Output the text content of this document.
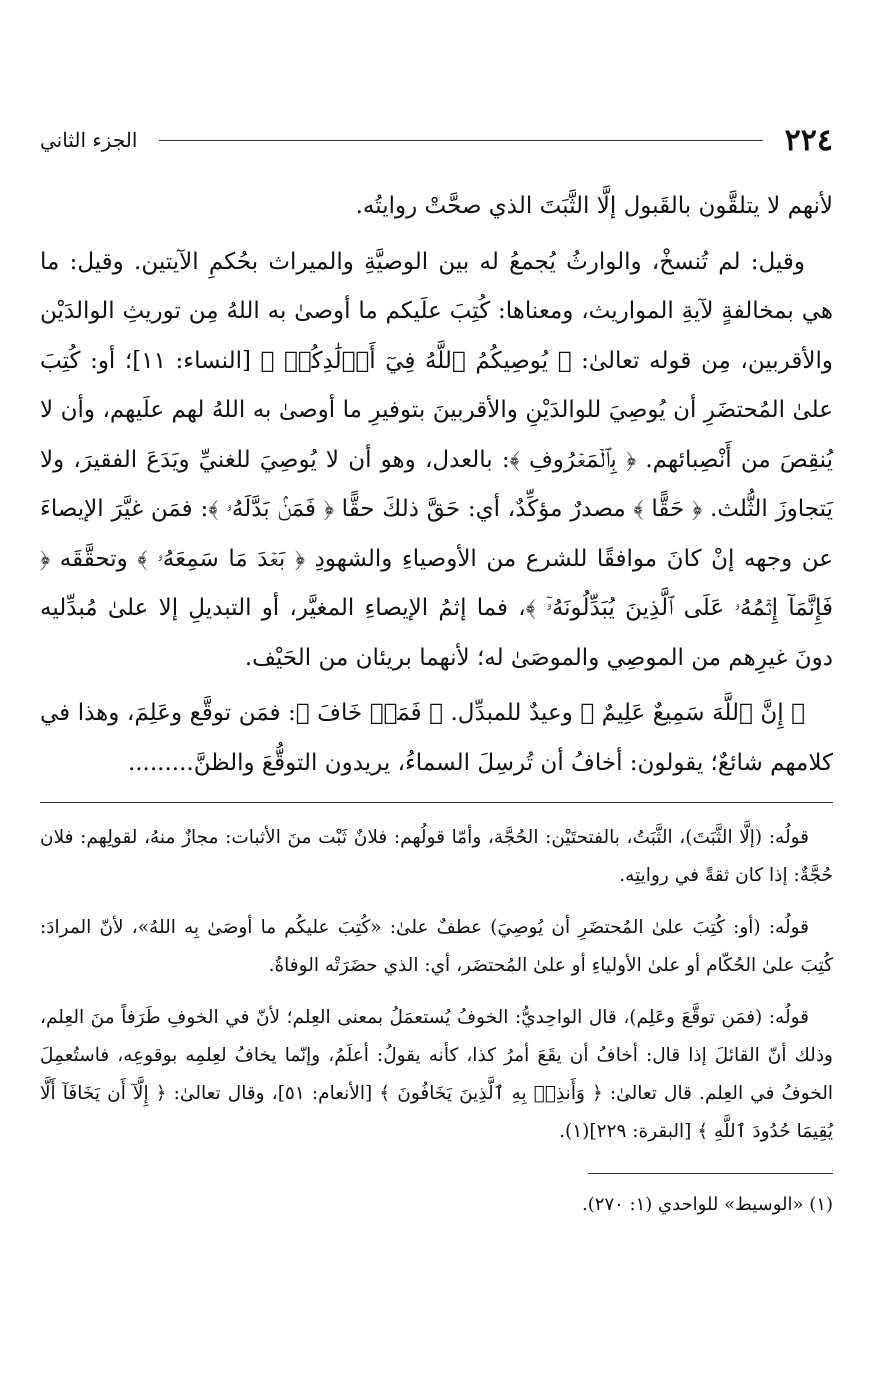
٢٢٤
الجزء الثاني

لأنهم لا يتلقَّون بالقَبول إلَّا الثَّبَتَ الذي صحَّتْ روايتُه.

وقيل: لم تُنسخْ، والوارثُ يُجمعُ له بين الوصيَّةِ والميراث بحُكمِ الآيتين. وقيل: ما هي بمخالفةٍ لآيةِ المواريث، ومعناها: كُتِبَ علَيكم ما أوصىٰ به اللهُ مِن توريثِ الوالدَيْن والأقربين، مِن قوله تعالىٰ: ﴿ يُوصِيكُمُ ٱللَّهُ فِيٓ أَوۡلَٰدِكُمۡ ﴾ [النساء: ١١]؛ أو: كُتِبَ علىٰ المُحتضَرِ أن يُوصِيَ للوالدَيْنِ والأقربينَ بتوفيرِ ما أوصىٰ به اللهُ لهم علَيهم، وأن لا يُنقِصَ من أَنْصِبائهم. ﴿ بِٱلۡمَعۡرُوفِ ﴾: بالعدل، وهو أن لا يُوصِيَ للغنيِّ ويَدَعَ الفقيرَ، ولا يَتجاوزَ الثُّلث. ﴿ حَقًّا ﴾ مصدرٌ مؤكِّدٌ، أي: حَقَّ ذلكَ حقًّا ﴿ فَمَنۢ بَدَّلَهُۥ ﴾: فمَن غيَّرَ الإيصاءَ عن وجهه إنْ كانَ موافقًا للشرع من الأوصياءِ والشهودِ ﴿ بَعۡدَ مَا سَمِعَهُۥ ﴾ وتحقَّقَه ﴿ فَإِنَّمَآ إِثۡمُهُۥ عَلَى ٱلَّذِينَ يُبَدِّلُونَهُۥٓ ﴾، فما إثمُ الإيصاءِ المغيَّر، أو التبديلِ إلا علىٰ مُبدِّليه دونَ غيرِهم من الموصِي والموصَىٰ له؛ لأنهما بريئان من الحَيْف.

﴿ إِنَّ ٱللَّهَ سَمِيعٌ عَلِيمٌ ﴾ وعيدٌ للمبدِّل. ﴿ فَمَنۡ خَافَ ﴾: فمَن توقَّع وعَلِمَ، وهذا في كلامهم شائعٌ؛ يقولون: أخافُ أن تُرسِلَ السماءُ، يريدون التوقُّعَ والظنَّ.........

قولُه: (إلَّا الثَّبَتَ)، الثَّبَتُ، بالفتحتَيْن: الحُجَّة، وأمّا قولُهم: فلانٌ ثَبْت منَ الأثبات: مجازٌ منهُ، لقولِهم: فلان حُجَّةٌ: إذا كان ثقةً في روايتِه.

قولُه: (أو: كُتِبَ علىٰ المُحتضَرِ أن يُوصِيَ) عطفٌ علىٰ: «كُتِبَ عليكُم ما أوصَىٰ بِه اللهُ»، لأنّ المرادَ: كُتِبَ علىٰ الحُكّام أو علىٰ الأولياءِ أو علىٰ المُحتضَر، أي: الذي حضَرَتْه الوفاةُ.

قولُه: (فمَن توقَّعَ وعَلِم)، قال الواحِديُّ: الخوفُ يُستعمَلُ بمعنى العِلم؛ لأنّ في الخوفِ طَرَفاً منَ العِلم، وذلك أنّ القائلَ إذا قال: أخافُ أن يقَعَ أمرُ كذا، كأنه يقولُ: أعلَمُ، وإنّما يخافُ لعِلمِه بوقوعِه، فاستُعمِلَ الخوفُ في العِلم. قال تعالىٰ: ﴿ وَأَنذِرۡ بِهِ ٱلَّذِينَ يَخَافُونَ ﴾ [الأنعام: ٥١]، وقال تعالىٰ: ﴿ إِلَّآ أَن يَخَافَآ أَلَّا يُقِيمَا حُدُودَ ٱللَّهِ ﴾ [البقرة: ٢٢٩](١).

(١) «الوسيط» للواحدي (١: ٢٧٠).
